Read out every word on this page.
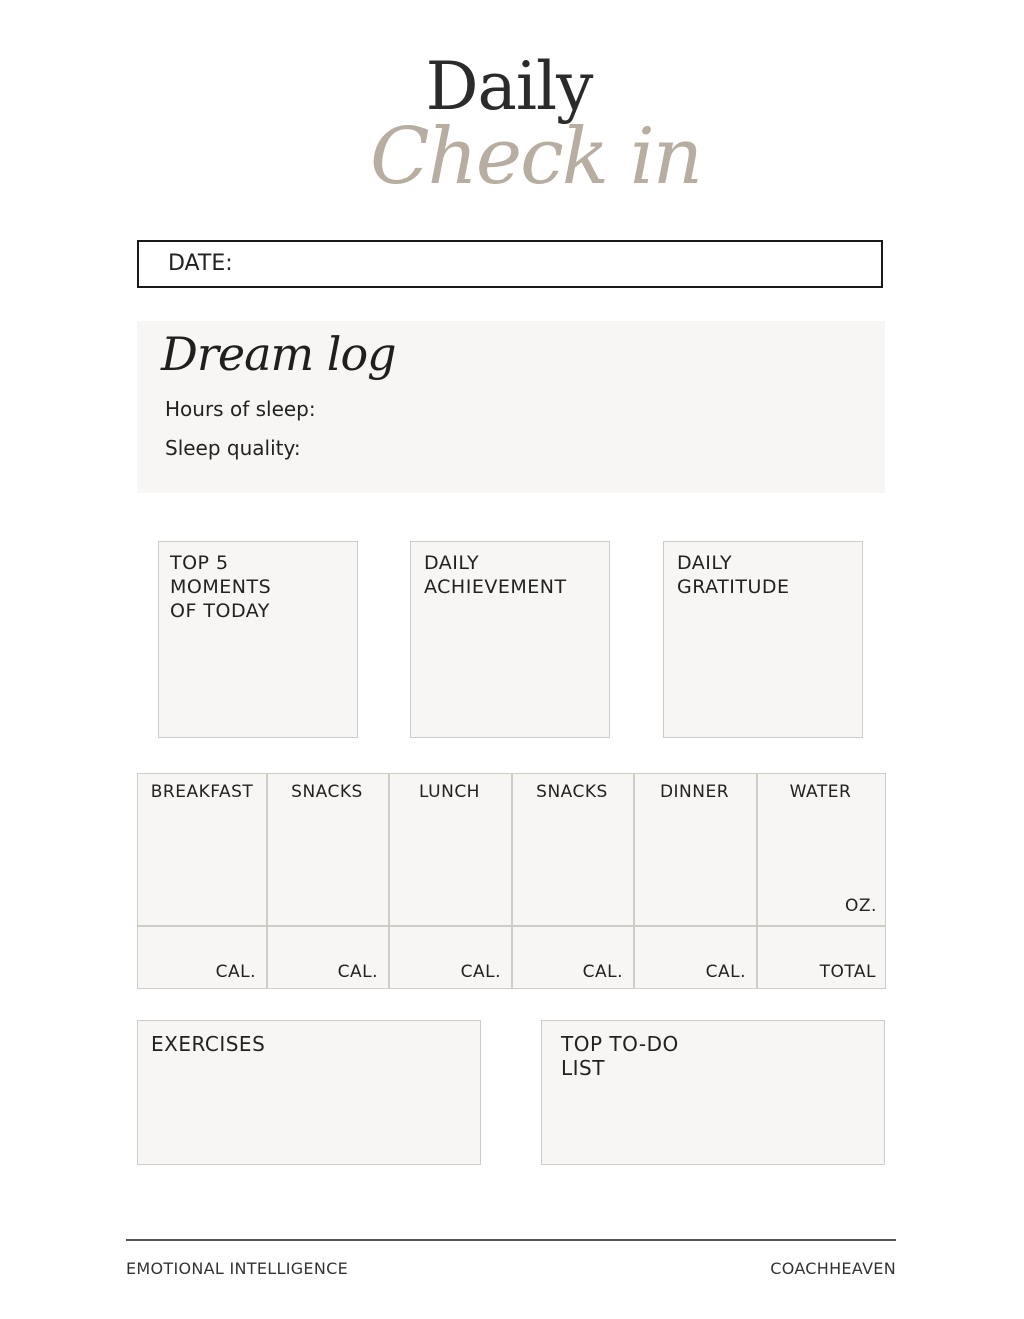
Daily
Check in
DATE:
Dream log
Hours of sleep:
Sleep quality:
TOP 5
MOMENTS
OF TODAY
DAILY
ACHIEVEMENT
DAILY
GRATITUDE
BREAKFAST	SNACKS	LUNCH	SNACKS	DINNER	WATER
OZ.
CAL.	CAL.	CAL.	CAL.	CAL.	TOTAL
EXERCISES	TOP TO-DO
LIST
EMOTIONAL INTELLIGENCE	COACHHEAVEN
